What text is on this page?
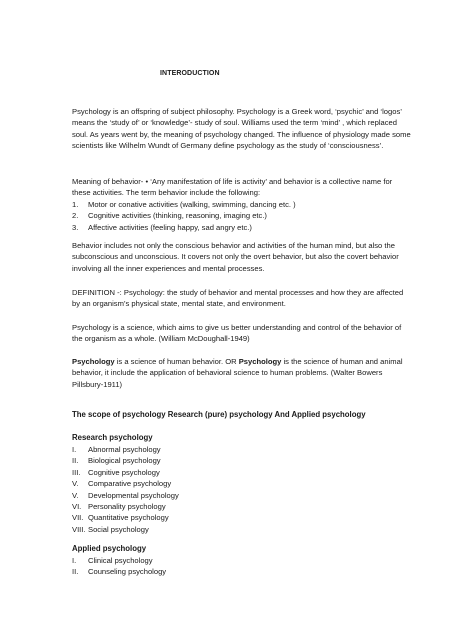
INTERODUCTION
Psychology is an offspring of subject philosophy. Psychology is a Greek word, ‘psychic’ and ‘logos’ means the ‘study of’ or ‘knowledge’- study of soul. Williams used the term ‘mind’ , which replaced soul. As years went by, the meaning of psychology changed. The influence of physiology made some scientists like Wilhelm Wundt of Germany define psychology as the study of ‘consciousness’.
Meaning of behavior- • ‘Any manifestation of life is activity’ and behavior is a collective name for these activities. The term behavior include the following:
1.	Motor or conative activities (walking, swimming, dancing etc. )
2.	Cognitive activities (thinking, reasoning, imaging etc.)
3.	Affective activities (feeling happy, sad angry etc.)
Behavior includes not only the conscious behavior and activities of the human mind, but also the subconscious and unconscious. It covers not only the overt behavior, but also the covert behavior involving all the inner experiences and mental processes.
DEFINITION -: Psychology: the study of behavior and mental processes and how they are affected by an organism’s physical state, mental state, and environment.
Psychology is a science, which aims to give us better understanding and control of the behavior of the organism as a whole. (William McDoughall-1949)
Psychology is a science of human behavior. OR Psychology is the science of human and animal behavior, it include the application of behavioral science to human problems. (Walter Bowers Pillsbury-1911)
The scope of psychology Research (pure) psychology And Applied psychology
Research psychology
I.	Abnormal psychology
II.	Biological psychology
III. Cognitive psychology
V.	Comparative psychology
V.	Developmental psychology
VI. Personality psychology
VII. Quantitative psychology
VIII. Social psychology
Applied psychology
I.	Clinical psychology
II.	Counseling psychology
